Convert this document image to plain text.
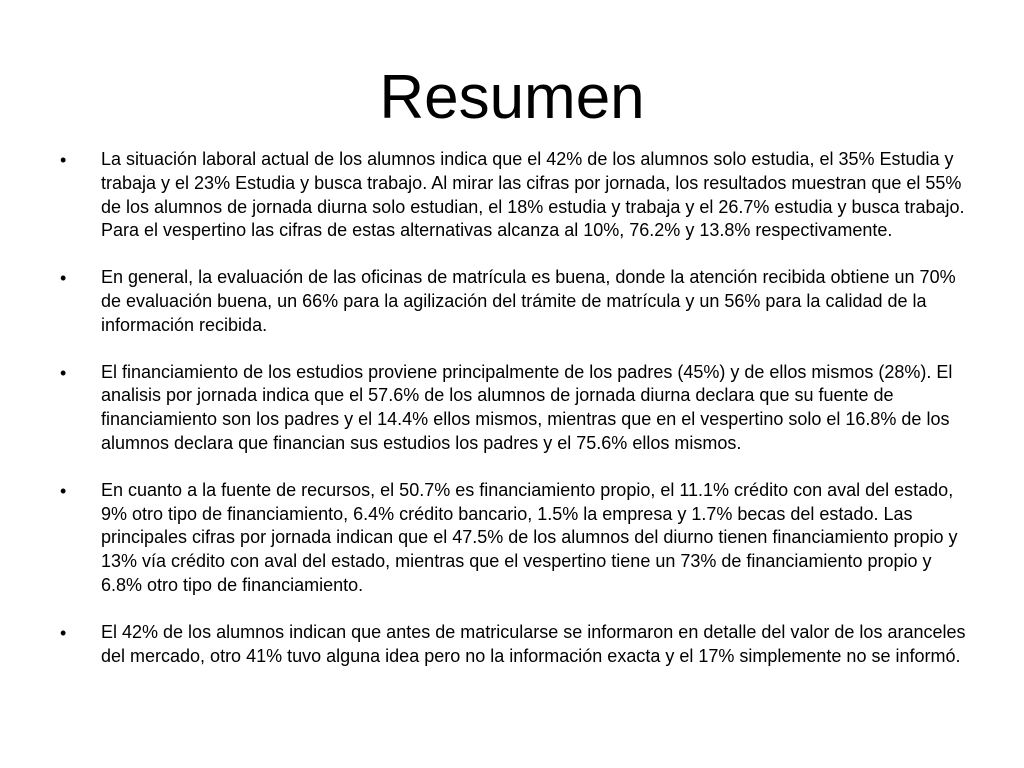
Resumen
• La situación laboral actual de los alumnos indica que el 42% de los alumnos solo estudia, el 35% Estudia y trabaja y el 23% Estudia y busca trabajo. Al mirar las cifras por jornada, los resultados muestran que el 55% de los alumnos de jornada diurna solo estudian, el 18% estudia y trabaja y el 26.7% estudia y busca trabajo. Para el vespertino las cifras de estas alternativas alcanza al 10%, 76.2% y 13.8% respectivamente.
• En general, la evaluación de las oficinas de matrícula es buena, donde la atención recibida obtiene un 70% de evaluación buena, un 66% para la agilización del trámite de matrícula y un 56% para la calidad de la información recibida.
• El financiamiento de los estudios proviene principalmente de los padres (45%) y de ellos mismos (28%). El analisis por jornada indica que el 57.6% de los alumnos de jornada diurna declara que su fuente de financiamiento son los padres y el 14.4% ellos mismos, mientras que en el vespertino solo el 16.8% de los alumnos declara que financian sus estudios los padres y el 75.6% ellos mismos.
• En cuanto a la fuente de recursos, el 50.7% es financiamiento propio, el 11.1% crédito con aval del estado, 9% otro tipo de financiamiento, 6.4% crédito bancario, 1.5% la empresa y 1.7% becas del estado. Las principales cifras por jornada indican que el 47.5% de los alumnos del diurno tienen financiamiento propio y 13% vía crédito con aval del estado, mientras que el vespertino tiene un 73% de financiamiento propio y 6.8% otro tipo de financiamiento.
• El 42% de los alumnos indican que antes de matricularse se informaron en detalle del valor de los aranceles del mercado, otro 41% tuvo alguna idea pero no la información exacta y el 17% simplemente no se informó.
